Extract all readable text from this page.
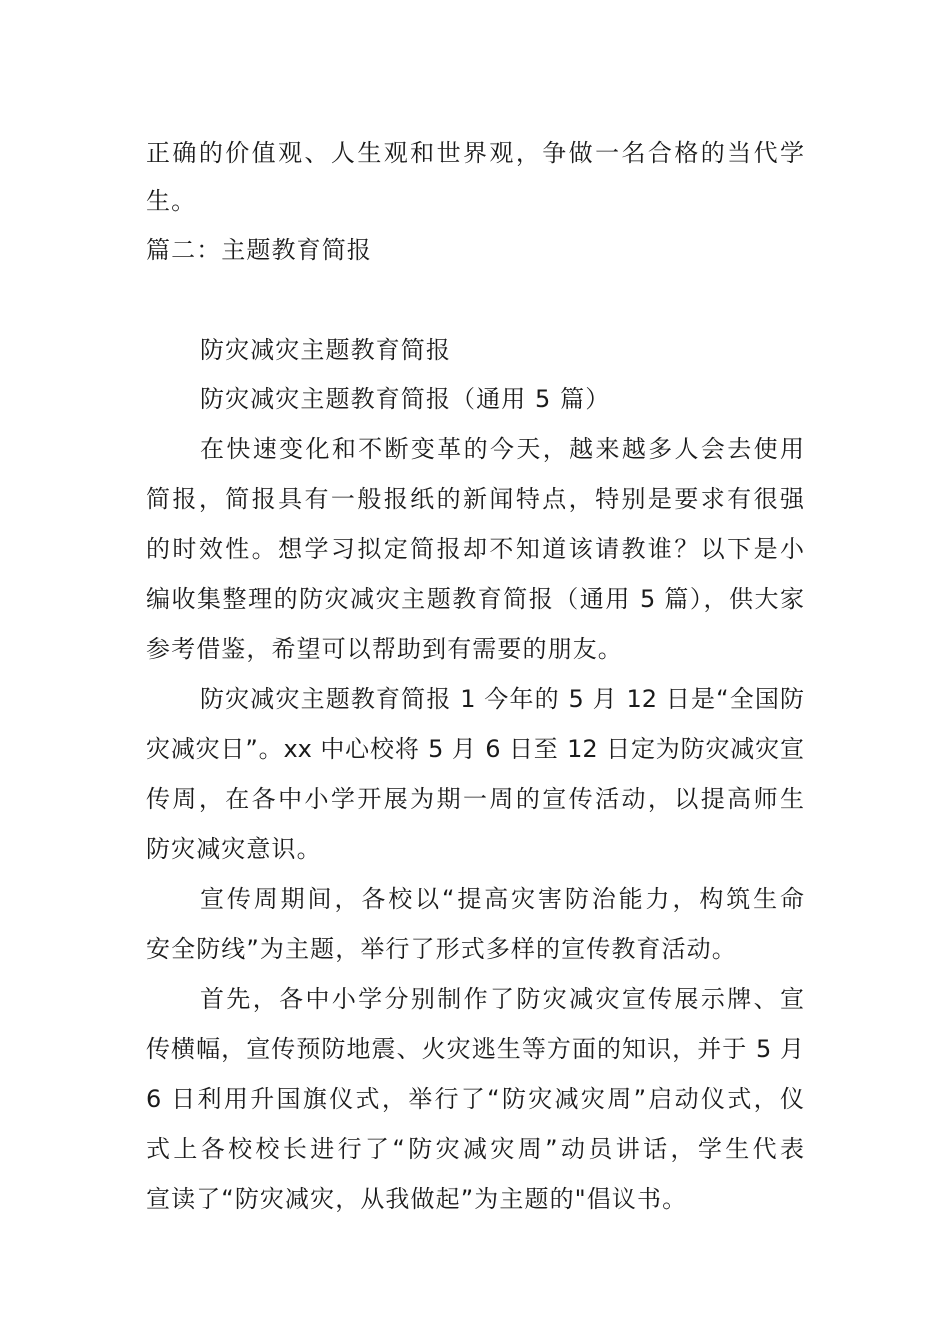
正确的价值观、人生观和世界观，争做一名合格的当代学
生。
篇二：主题教育简报
防灾减灾主题教育简报
防灾减灾主题教育简报（通用 5 篇）
在快速变化和不断变革的今天，越来越多人会去使用
简报，简报具有一般报纸的新闻特点，特别是要求有很强
的时效性。想学习拟定简报却不知道该请教谁？以下是小
编收集整理的防灾减灾主题教育简报（通用 5 篇），供大家
参考借鉴，希望可以帮助到有需要的朋友。
防灾减灾主题教育简报 1 今年的 5 月 12 日是“全国防
灾减灾日”。xx 中心校将 5 月 6 日至 12 日定为防灾减灾宣
传周，在各中小学开展为期一周的宣传活动，以提高师生
防灾减灾意识。
宣传周期间，各校以“提高灾害防治能力，构筑生命
安全防线”为主题，举行了形式多样的宣传教育活动。
首先，各中小学分别制作了防灾减灾宣传展示牌、宣
传横幅，宣传预防地震、火灾逃生等方面的知识，并于 5 月
6 日利用升国旗仪式，举行了“防灾减灾周”启动仪式，仪
式上各校校长进行了“防灾减灾周”动员讲话，学生代表
宣读了“防灾减灾，从我做起”为主题的"倡议书。
